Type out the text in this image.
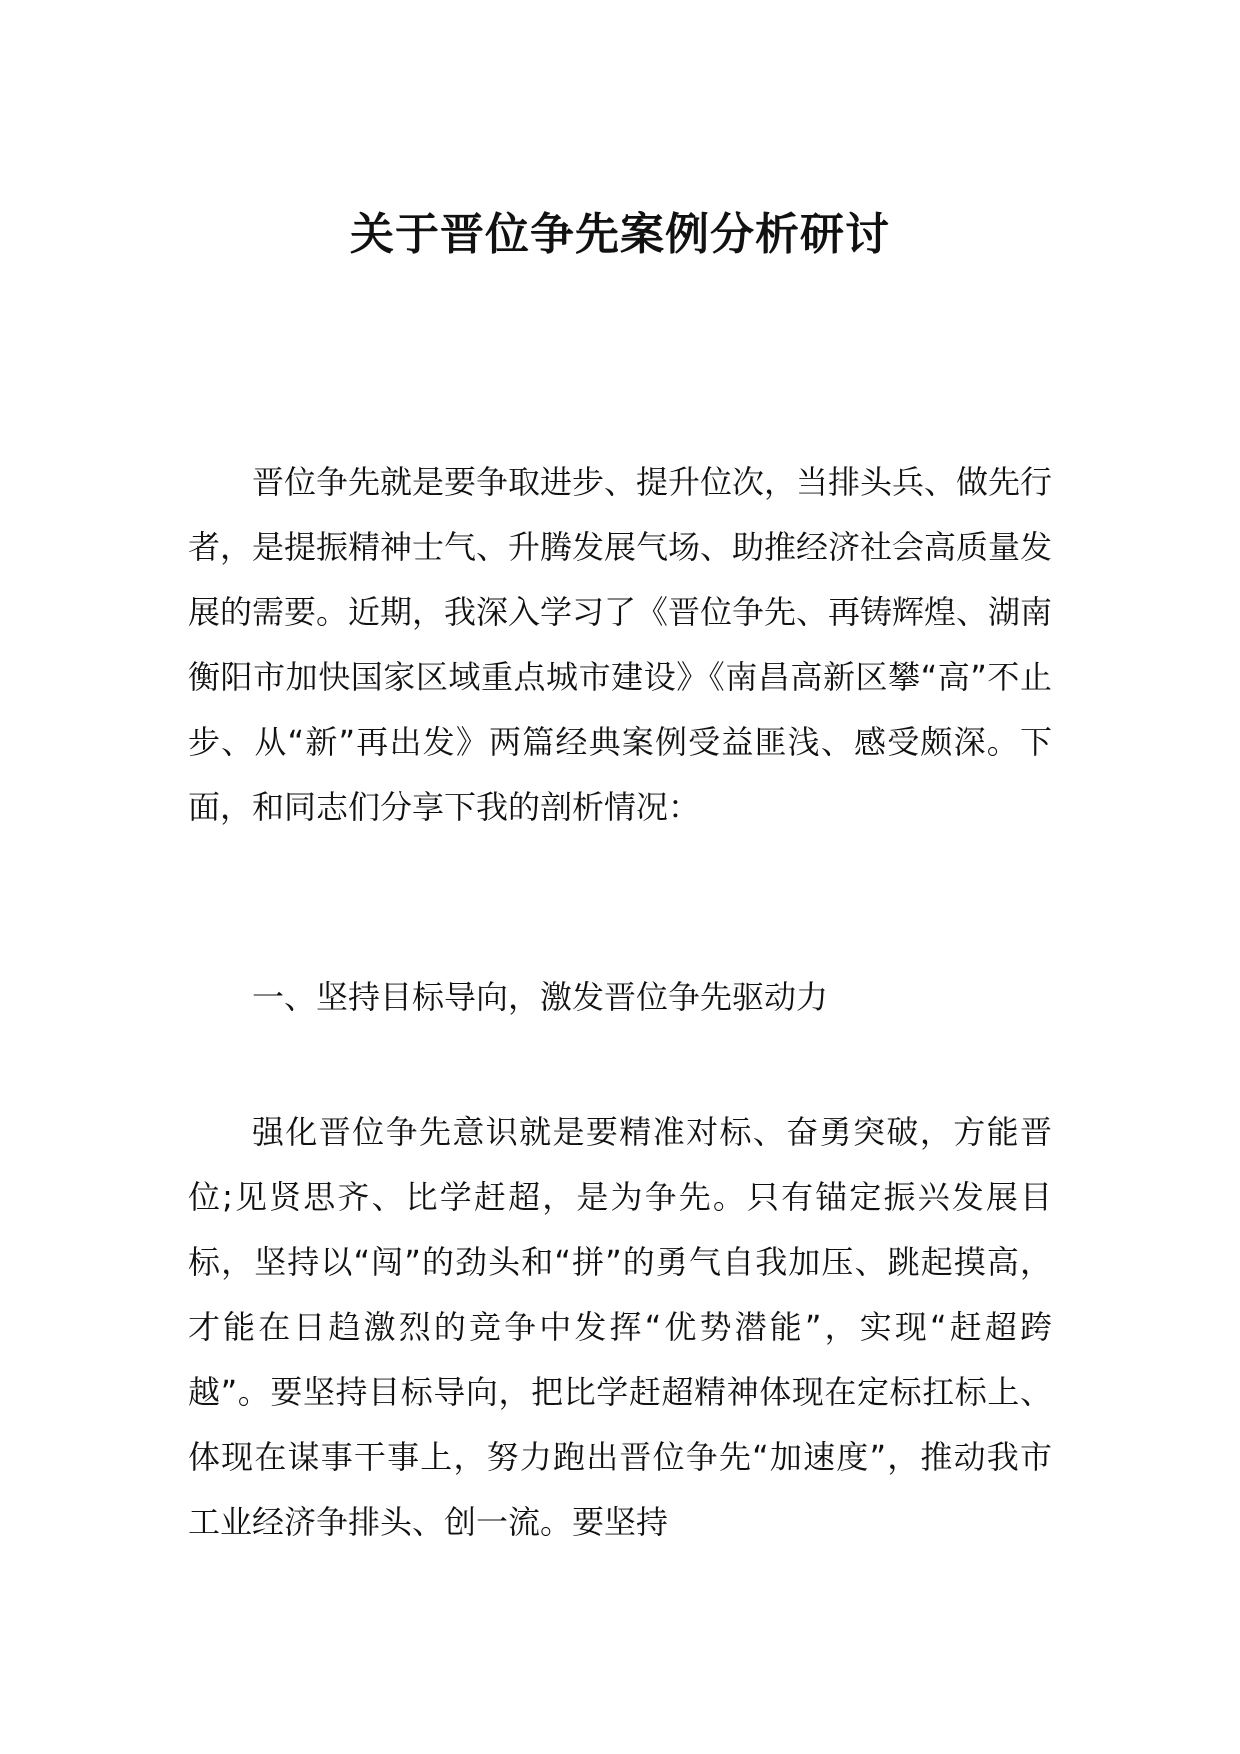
关于晋位争先案例分析研讨

晋位争先就是要争取进步、提升位次，当排头兵、做先行者，是提振精神士气、升腾发展气场、助推经济社会高质量发展的需要。近期，我深入学习了《晋位争先、再铸辉煌、湖南衡阳市加快国家区域重点城市建设》《南昌高新区攀“高”不止步、从“新”再出发》两篇经典案例受益匪浅、感受颇深。下面，和同志们分享下我的剖析情况：

一、坚持目标导向，激发晋位争先驱动力

强化晋位争先意识就是要精准对标、奋勇突破，方能晋位;见贤思齐、比学赶超，是为争先。只有锚定振兴发展目标，坚持以“闯”的劲头和“拼”的勇气自我加压、跳起摸高，才能在日趋激烈的竞争中发挥“优势潜能”，实现“赶超跨越”。要坚持目标导向，把比学赶超精神体现在定标扛标上、体现在谋事干事上，努力跑出晋位争先“加速度”，推动我市工业经济争排头、创一流。要坚持
